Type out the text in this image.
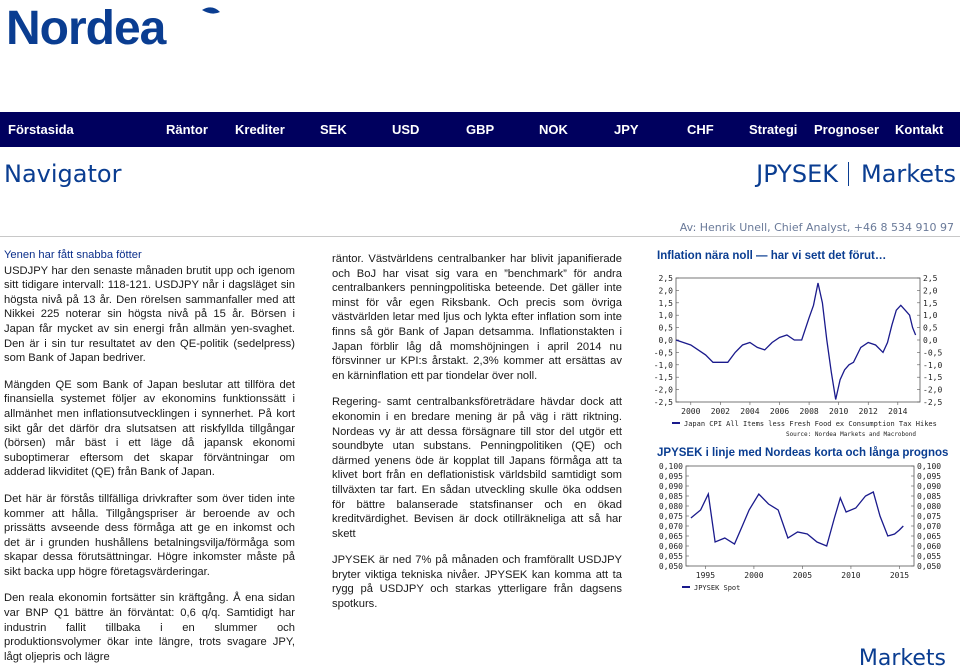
Nordea
Förstasida	Räntor Krediter	SEK	USD	GBP	NOK	JPY	CHF	Strategi Prognoser Kontakt
Navigator	JPYSEK Markets
Av: Henrik Unell, Chief Analyst, +46 8 534 910 97
Yenen har fått snabba fötter

USDJPY har den senaste månaden brutit upp och igenom sitt tidigare intervall: 118-121. USDJPY når i dagsläget sin högsta nivå på 13 år. Den rörelsen sammanfaller med att Nikkei 225 noterar sin högsta nivå på 15 år. Börsen i Japan får mycket av sin energi från allmän yen-svaghet. Den är i sin tur resultatet av den QE-politik (sedelpress) som Bank of Japan bedriver.

Mängden QE som Bank of Japan beslutar att tillföra det finansiella systemet följer av ekonomins funktionssätt i allmänhet men inflationsutvecklingen i synnerhet. På kort sikt går det därför dra slutsatsen att riskfyllda tillgångar (börsen) mår bäst i ett läge då japansk ekonomi suboptimerar eftersom det skapar förväntningar om adderad likviditet (QE) från Bank of Japan.

Det här är förstås tillfälliga drivkrafter som över tiden inte kommer att hålla. Tillgångspriser är beroende av och prissätts avseende dess förmåga att ge en inkomst och det är i grunden hushållens betalningsvilja/förmåga som skapar dessa förutsättningar. Högre inkomster måste på sikt backa upp högre företagsvärderingar.

Den reala ekonomin fortsätter sin kräftgång. Å ena sidan var BNP Q1 bättre än förväntat: 0,6 q/q. Samtidigt har industrin fallit tillbaka i en slummer och produktionsvolymer ökar inte längre, trots svagare JPY, lågt oljepris och lägre

räntor. Västvärldens centralbanker har blivit japanifierade och BoJ har visat sig vara en ”benchmark” för andra centralbankers penningpolitiska beteende. Det gäller inte minst för vår egen Riksbank. Och precis som övriga västvärlden letar med ljus och lykta efter inflation som inte finns så gör Bank of Japan detsamma. Inflationstakten i Japan förblir låg då momshöjningen i april 2014 nu försvinner ur KPI:s årstakt. 2,3% kommer att ersättas av en kärninflation ett par tiondelar över noll.

Regering- samt centralbanksföreträdare hävdar dock att ekonomin i en bredare mening är på väg i rätt riktning. Nordeas vy är att dessa försägnare till stor del utgör ett soundbyte utan substans. Penningpolitiken (QE) och därmed yenens öde är kopplat till Japans förmåga att ta klivet bort från en deflationistisk världsbild samtidigt som tillväxten tar fart. En sådan utveckling skulle öka oddsen för bättre balanserade statsfinanser och en ökad kreditvärdighet. Bevisen är dock otillräkneliga att så har skett

JPYSEK är ned 7% på månaden och framförallt USDJPY bryter viktiga tekniska nivåer. JPYSEK kan komma att ta rygg på USDJPY och starkas ytterligare från dagsens spotkurs.

Inflation nära noll — har vi sett det förut…
2,5	2,5
2,0	2,0
1,5	1,5
1,0	1,0
0,5	0,5
0,0	0,0
-0,5	-0,5
-1,0	-1,0
-1,5	-1,5
-2,0	-2,0
-2,5	-2,5
2000 2002 2004 2006 2008 2010 2012 2014
Japan CPI All Items less Fresh Food ex Consumption Tax Hikes
Source: Nordea Markets and Macrobond
JPYSEK i linje med Nordeas korta och långa prognos
0,100	0,100
0,095	0,095
0,090	0,090
0,085	0,085
0,080	0,080
0,075	0,075
0,070	0,070
0,065	0,065
0,060	0,060
0,055	0,055
0,050	0,050
1995	2000	2005	2010	2015
JPYSEK Spot
Markets
